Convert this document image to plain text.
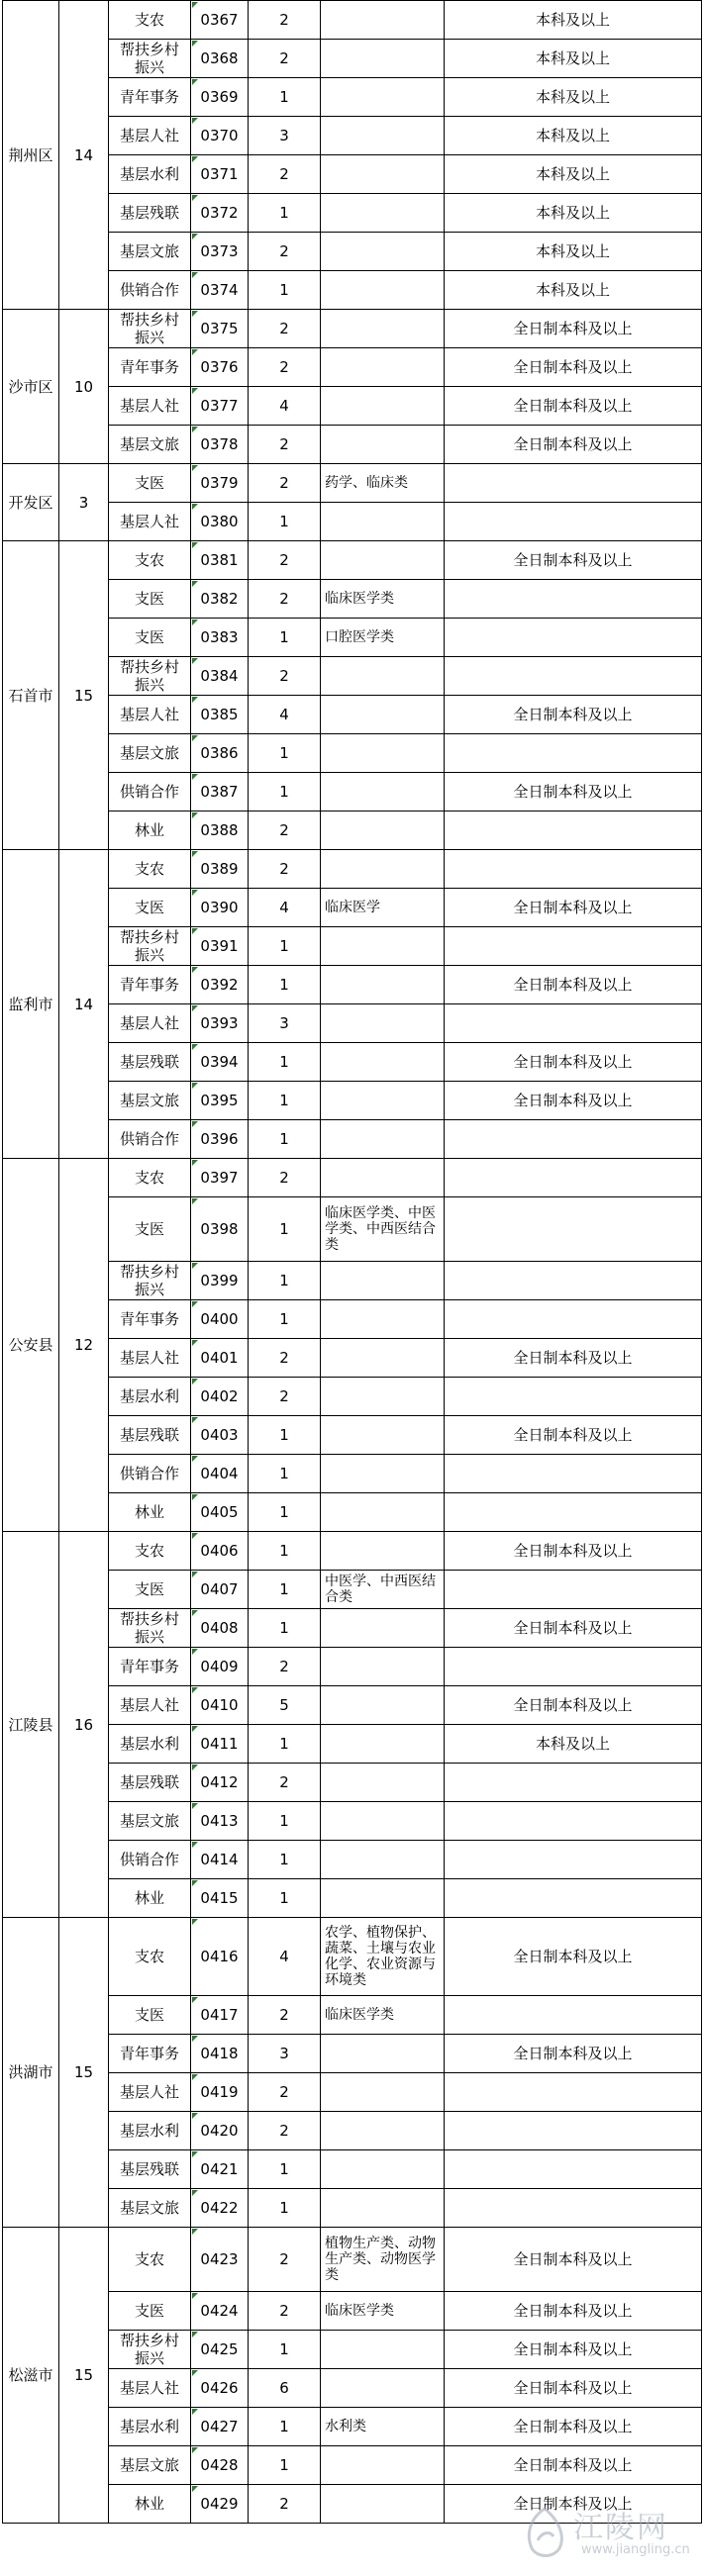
荆州区	14	支农	0367	2		本科及以上
		帮扶乡村振兴	0368	2		本科及以上
		青年事务	0369	1		本科及以上
		基层人社	0370	3		本科及以上
		基层水利	0371	2		本科及以上
		基层残联	0372	1		本科及以上
		基层文旅	0373	2		本科及以上
		供销合作	0374	1		本科及以上
沙市区	10	帮扶乡村振兴	0375	2		全日制本科及以上
		青年事务	0376	2		全日制本科及以上
		基层人社	0377	4		全日制本科及以上
		基层文旅	0378	2		全日制本科及以上
开发区	3	支医	0379	2	药学、临床类	
		基层人社	0380	1		
石首市	15	支农	0381	2		全日制本科及以上
		支医	0382	2	临床医学类	
		支医	0383	1	口腔医学类	
		帮扶乡村振兴	0384	2		
		基层人社	0385	4		全日制本科及以上
		基层文旅	0386	1		
		供销合作	0387	1		全日制本科及以上
		林业	0388	2		
监利市	14	支农	0389	2		
		支医	0390	4	临床医学	全日制本科及以上
		帮扶乡村振兴	0391	1		
		青年事务	0392	1		全日制本科及以上
		基层人社	0393	3		
		基层残联	0394	1		全日制本科及以上
		基层文旅	0395	1		全日制本科及以上
		供销合作	0396	1		
公安县	12	支农	0397	2		
		支医	0398	1	临床医学类、中医学类、中西医结合类	
		帮扶乡村振兴	0399	1		
		青年事务	0400	1		
		基层人社	0401	2		全日制本科及以上
		基层水利	0402	2		
		基层残联	0403	1		全日制本科及以上
		供销合作	0404	1		
		林业	0405	1		
江陵县	16	支农	0406	1		全日制本科及以上
		支医	0407	1	中医学、中西医结合类	
		帮扶乡村振兴	0408	1		全日制本科及以上
		青年事务	0409	2		
		基层人社	0410	5		全日制本科及以上
		基层水利	0411	1		本科及以上
		基层残联	0412	2		
		基层文旅	0413	1		
		供销合作	0414	1		
		林业	0415	1		
洪湖市	15	支农	0416	4	农学、植物保护、蔬菜、土壤与农业化学、农业资源与环境类	全日制本科及以上
		支医	0417	2	临床医学类	
		青年事务	0418	3		全日制本科及以上
		基层人社	0419	2		
		基层水利	0420	2		
		基层残联	0421	1		
		基层文旅	0422	1		
松滋市	15	支农	0423	2	植物生产类、动物生产类、动物医学类	全日制本科及以上
		支医	0424	2	临床医学类	全日制本科及以上
		帮扶乡村振兴	0425	1		全日制本科及以上
		基层人社	0426	6		全日制本科及以上
		基层水利	0427	1	水利类	全日制本科及以上
		基层文旅	0428	1		全日制本科及以上
		林业	0429	2		全日制本科及以上
江陵网
www.jiangling.cn
